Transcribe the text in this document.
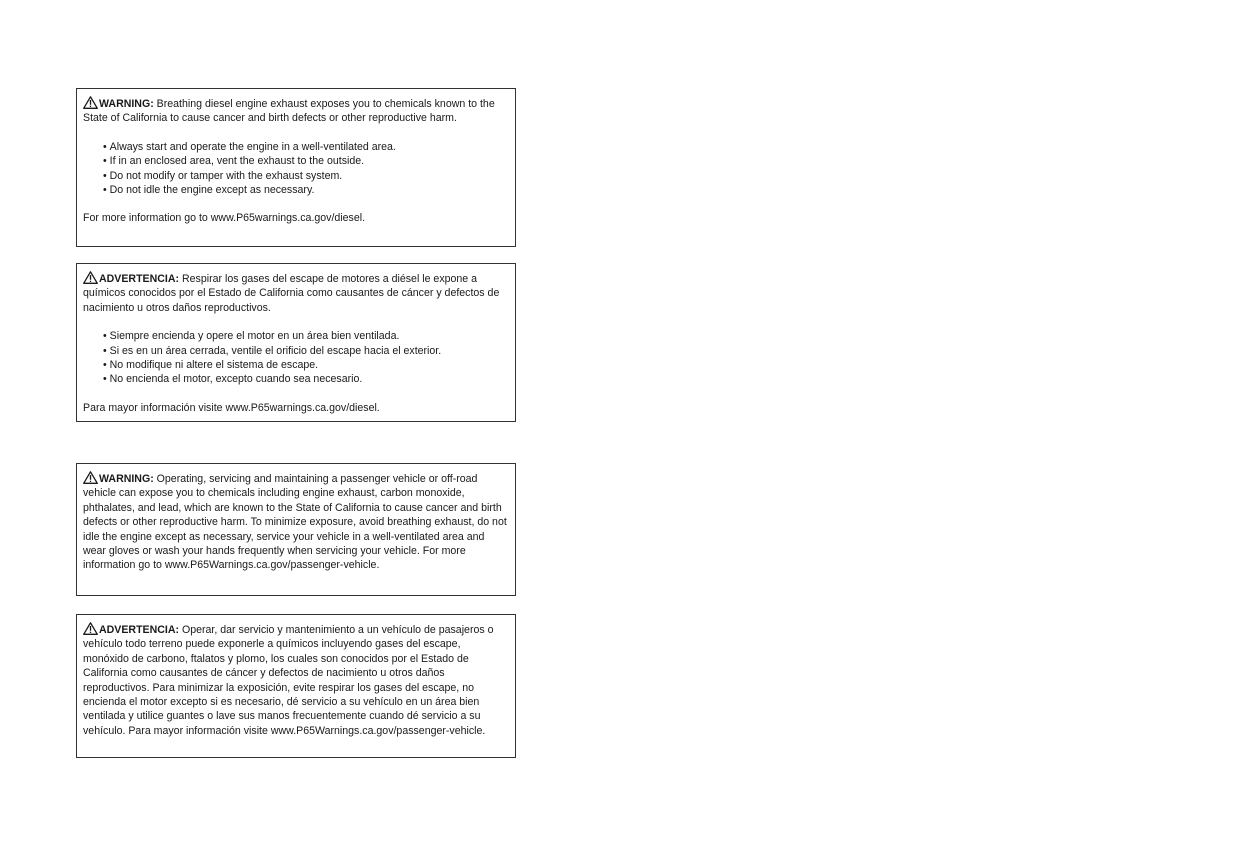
WARNING: Breathing diesel engine exhaust exposes you to chemicals known to the State of California to cause cancer and birth defects or other reproductive harm.

• Always start and operate the engine in a well-ventilated area.
• If in an enclosed area, vent the exhaust to the outside.
• Do not modify or tamper with the exhaust system.
• Do not idle the engine except as necessary.

For more information go to www.P65warnings.ca.gov/diesel.

ADVERTENCIA: Respirar los gases del escape de motores a diésel le expone a químicos conocidos por el Estado de California como causantes de cáncer y defectos de nacimiento u otros daños reproductivos.

• Siempre encienda y opere el motor en un área bien ventilada.
• Si es en un área cerrada, ventile el orificio del escape hacia el exterior.
• No modifique ni altere el sistema de escape.
• No encienda el motor, excepto cuando sea necesario.

Para mayor información visite www.P65warnings.ca.gov/diesel.

WARNING: Operating, servicing and maintaining a passenger vehicle or off-road vehicle can expose you to chemicals including engine exhaust, carbon monoxide, phthalates, and lead, which are known to the State of California to cause cancer and birth defects or other reproductive harm. To minimize exposure, avoid breathing exhaust, do not idle the engine except as necessary, service your vehicle in a well-ventilated area and wear gloves or wash your hands frequently when servicing your vehicle. For more information go to www.P65Warnings.ca.gov/passenger-vehicle.

ADVERTENCIA: Operar, dar servicio y mantenimiento a un vehículo de pasajeros o vehículo todo terreno puede exponerle a químicos incluyendo gases del escape, monóxido de carbono, ftalatos y plomo, los cuales son conocidos por el Estado de California como causantes de cáncer y defectos de nacimiento u otros daños reproductivos. Para minimizar la exposición, evite respirar los gases del escape, no encienda el motor excepto si es necesario, dé servicio a su vehículo en un área bien ventilada y utilice guantes o lave sus manos frecuentemente cuando dé servicio a su vehículo. Para mayor información visite www.P65Warnings.ca.gov/passenger-vehicle.
